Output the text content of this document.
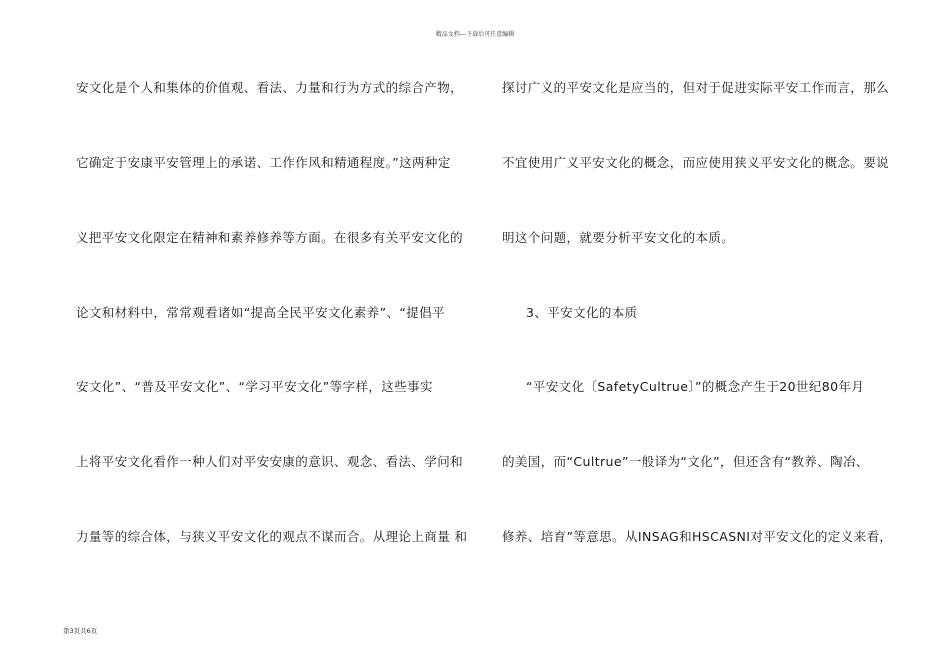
精品文档---下载后可任意编辑
安文化是个人和集体的价值观、看法、力量和行为方式的综合产物，
它确定于安康平安管理上的承诺、工作作风和精通程度。”这两种定
义把平安文化限定在精神和素养修养等方面。在很多有关平安文化的
论文和材料中，常常观看诸如“提高全民平安文化素养”、“提倡平
安文化”、“普及平安文化”、“学习平安文化”等字样，这些事实
上将平安文化看作一种人们对平安安康的意识、观念、看法、学问和
力量等的综合体，与狭义平安文化的观点不谋而合。从理论上商量 和
探讨广义的平安文化是应当的，但对于促进实际平安工作而言，那么
不宜使用广义平安文化的概念，而应使用狭义平安文化的概念。要说
明这个问题，就要分析平安文化的本质。
3、平安文化的本质
“平安文化〔SafetyCultrue〕”的概念产生于20世纪80年月
的美国，而“Cultrue”一般译为“文化”，但还含有“教养、陶冶、
修养、培育”等意思。从INSAG和HSCASNI对平安文化的定义来看，
第3页共6页
